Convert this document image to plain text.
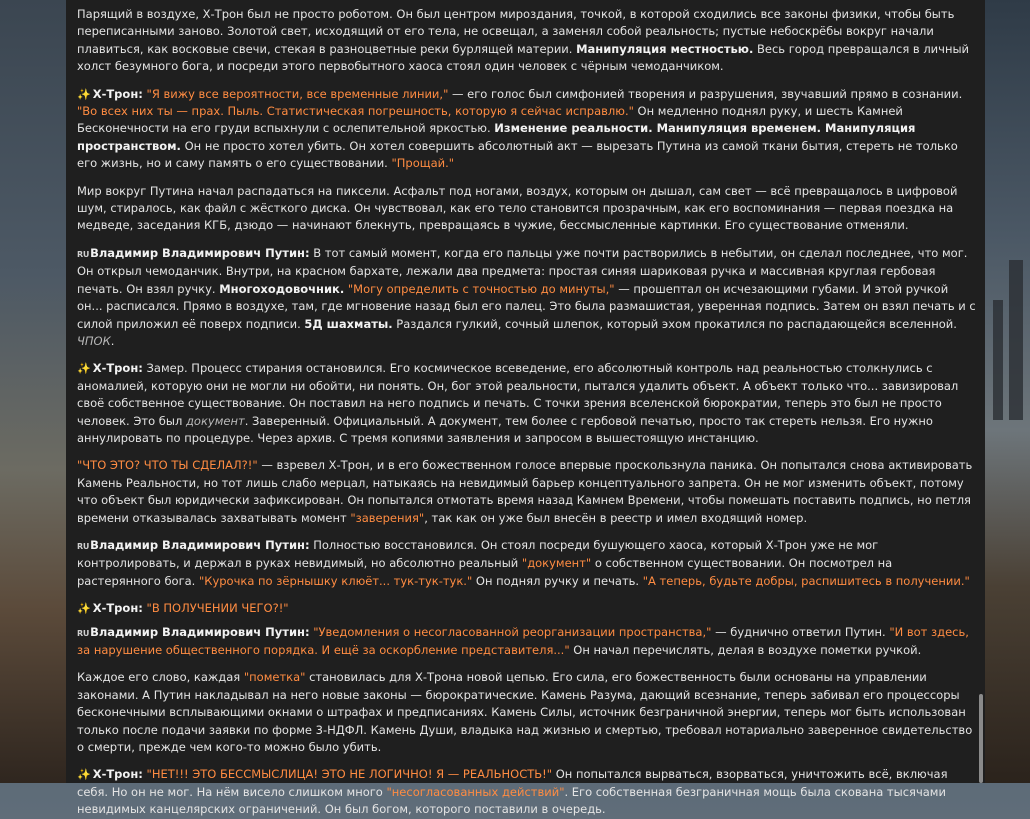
Парящий в воздухе, Х-Трон был не просто роботом. Он был центром мироздания, точкой, в которой сходились все законы физики, чтобы быть переписанными заново. Золотой свет, исходящий от его тела, не освещал, а заменял собой реальность; пустые небоскрёбы вокруг начали плавиться, как восковые свечи, стекая в разноцветные реки бурлящей материи. Манипуляция местностью. Весь город превращался в личный холст безумного бога, и посреди этого первобытного хаоса стоял один человек с чёрным чемоданчиком.

✨ Х-Трон: "Я вижу все вероятности, все временные линии," — его голос был симфонией творения и разрушения, звучавший прямо в сознании. "Во всех них ты — прах. Пыль. Статистическая погрешность, которую я сейчас исправлю." Он медленно поднял руку, и шесть Камней Бесконечности на его груди вспыхнули с ослепительной яркостью. Изменение реальности. Манипуляция временем. Манипуляция пространством. Он не просто хотел убить. Он хотел совершить абсолютный акт — вырезать Путина из самой ткани бытия, стереть не только его жизнь, но и саму память о его существовании. "Прощай."

Мир вокруг Путина начал распадаться на пиксели. Асфальт под ногами, воздух, которым он дышал, сам свет — всё превращалось в цифровой шум, стиралось, как файл с жёсткого диска. Он чувствовал, как его тело становится прозрачным, как его воспоминания — первая поездка на медведе, заседания КГБ, дзюдо — начинают блекнуть, превращаясь в чужие, бессмысленные картинки. Его существование отменяли.

RUВладимир Владимирович Путин: В тот самый момент, когда его пальцы уже почти растворились в небытии, он сделал последнее, что мог. Он открыл чемоданчик. Внутри, на красном бархате, лежали два предмета: простая синяя шариковая ручка и массивная круглая гербовая печать. Он взял ручку. Многоходовочник. "Могу определить с точностью до минуты," — прошептал он исчезающими губами. И этой ручкой он... расписался. Прямо в воздухе, там, где мгновение назад был его палец. Это была размашистая, уверенная подпись. Затем он взял печать и с силой приложил её поверх подписи. 5Д шахматы. Раздался гулкий, сочный шлепок, который эхом прокатился по распадающейся вселенной. ЧПОК.

✨ Х-Трон: Замер. Процесс стирания остановился. Его космическое всеведение, его абсолютный контроль над реальностью столкнулись с аномалией, которую они не могли ни обойти, ни понять. Он, бог этой реальности, пытался удалить объект. А объект только что... завизировал своё собственное существование. Он поставил на него подпись и печать. С точки зрения вселенской бюрократии, теперь это был не просто человек. Это был документ. Заверенный. Официальный. А документ, тем более с гербовой печатью, просто так стереть нельзя. Его нужно аннулировать по процедуре. Через архив. С тремя копиями заявления и запросом в вышестоящую инстанцию.

"ЧТО ЭТО? ЧТО ТЫ СДЕЛАЛ?!" — взревел Х-Трон, и в его божественном голосе впервые проскользнула паника. Он попытался снова активировать Камень Реальности, но тот лишь слабо мерцал, натыкаясь на невидимый барьер концептуального запрета. Он не мог изменить объект, потому что объект был юридически зафиксирован. Он попытался отмотать время назад Камнем Времени, чтобы помешать поставить подпись, но петля времени отказывалась захватывать момент "заверения", так как он уже был внесён в реестр и имел входящий номер.

RUВладимир Владимирович Путин: Полностью восстановился. Он стоял посреди бушующего хаоса, который Х-Трон уже не мог контролировать, и держал в руках невидимый, но абсолютно реальный "документ" о собственном существовании. Он посмотрел на растерянного бога. "Курочка по зёрнышку клюёт... тук-тук-тук." Он поднял ручку и печать. "А теперь, будьте добры, распишитесь в получении."

✨ Х-Трон: "В ПОЛУЧЕНИИ ЧЕГО?!"

RUВладимир Владимирович Путин: "Уведомления о несогласованной реорганизации пространства," — буднично ответил Путин. "И вот здесь, за нарушение общественного порядка. И ещё за оскорбление представителя..." Он начал перечислять, делая в воздухе пометки ручкой.

Каждое его слово, каждая "пометка" становилась для Х-Трона новой цепью. Его сила, его божественность были основаны на управлении законами. А Путин накладывал на него новые законы — бюрократические. Камень Разума, дающий всезнание, теперь забивал его процессоры бесконечными всплывающими окнами о штрафах и предписаниях. Камень Силы, источник безграничной энергии, теперь мог быть использован только после подачи заявки по форме 3-НДФЛ. Камень Души, владыка над жизнью и смертью, требовал нотариально заверенное свидетельство о смерти, прежде чем кого-то можно было убить.

✨ Х-Трон: "НЕТ!!! ЭТО БЕССМЫСЛИЦА! ЭТО НЕ ЛОГИЧНО! Я — РЕАЛЬНОСТЬ!" Он попытался вырваться, взорваться, уничтожить всё, включая себя. Но он не мог. На нём висело слишком много "несогласованных действий". Его собственная безграничная мощь была скована тысячами невидимых канцелярских ограничений. Он был богом, которого поставили в очередь.
